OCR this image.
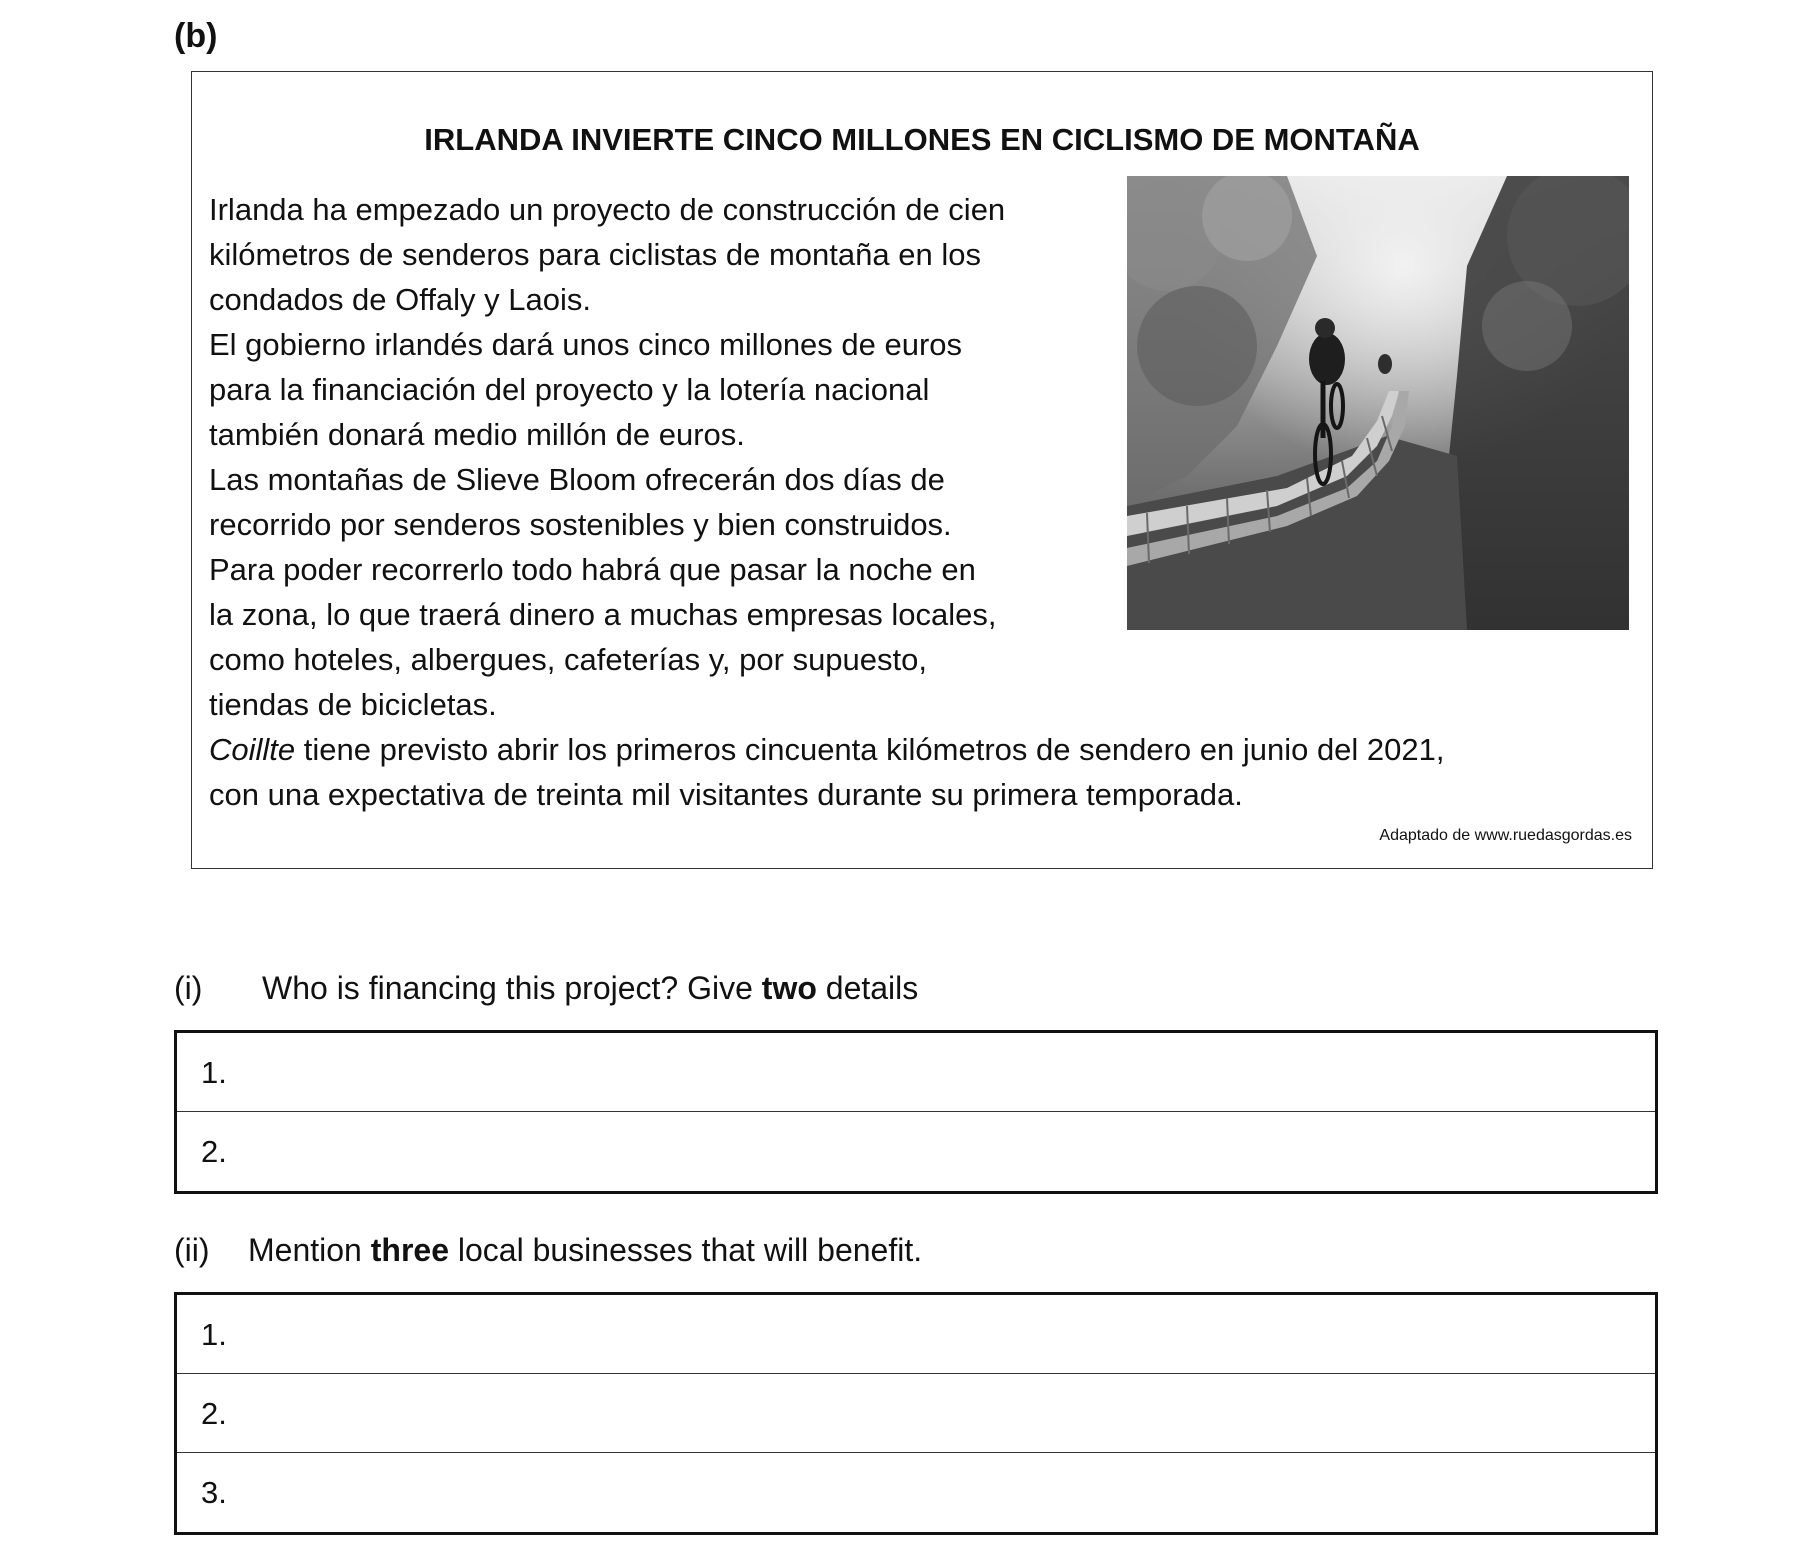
(b)

IRLANDA INVIERTE CINCO MILLONES EN CICLISMO DE MONTAÑA

Irlanda ha empezado un proyecto de construcción de cien
kilómetros de senderos para ciclistas de montaña en los
condados de Offaly y Laois.
El gobierno irlandés dará unos cinco millones de euros
para la financiación del proyecto y la lotería nacional
también donará medio millón de euros.
Las montañas de Slieve Bloom ofrecerán dos días de
recorrido por senderos sostenibles y bien construidos.
Para poder recorrerlo todo habrá que pasar la noche en
la zona, lo que traerá dinero a muchas empresas locales,
como hoteles, albergues, cafeterías y, por supuesto,
tiendas de bicicletas.

Coillte tiene previsto abrir los primeros cincuenta kilómetros de sendero en junio del 2021,
con una expectativa de treinta mil visitantes durante su primera temporada.

Adaptado de www.ruedasgordas.es

(i) Who is financing this project? Give two details

1.
2.

(ii) Mention three local businesses that will benefit.

1.
2.
3.
